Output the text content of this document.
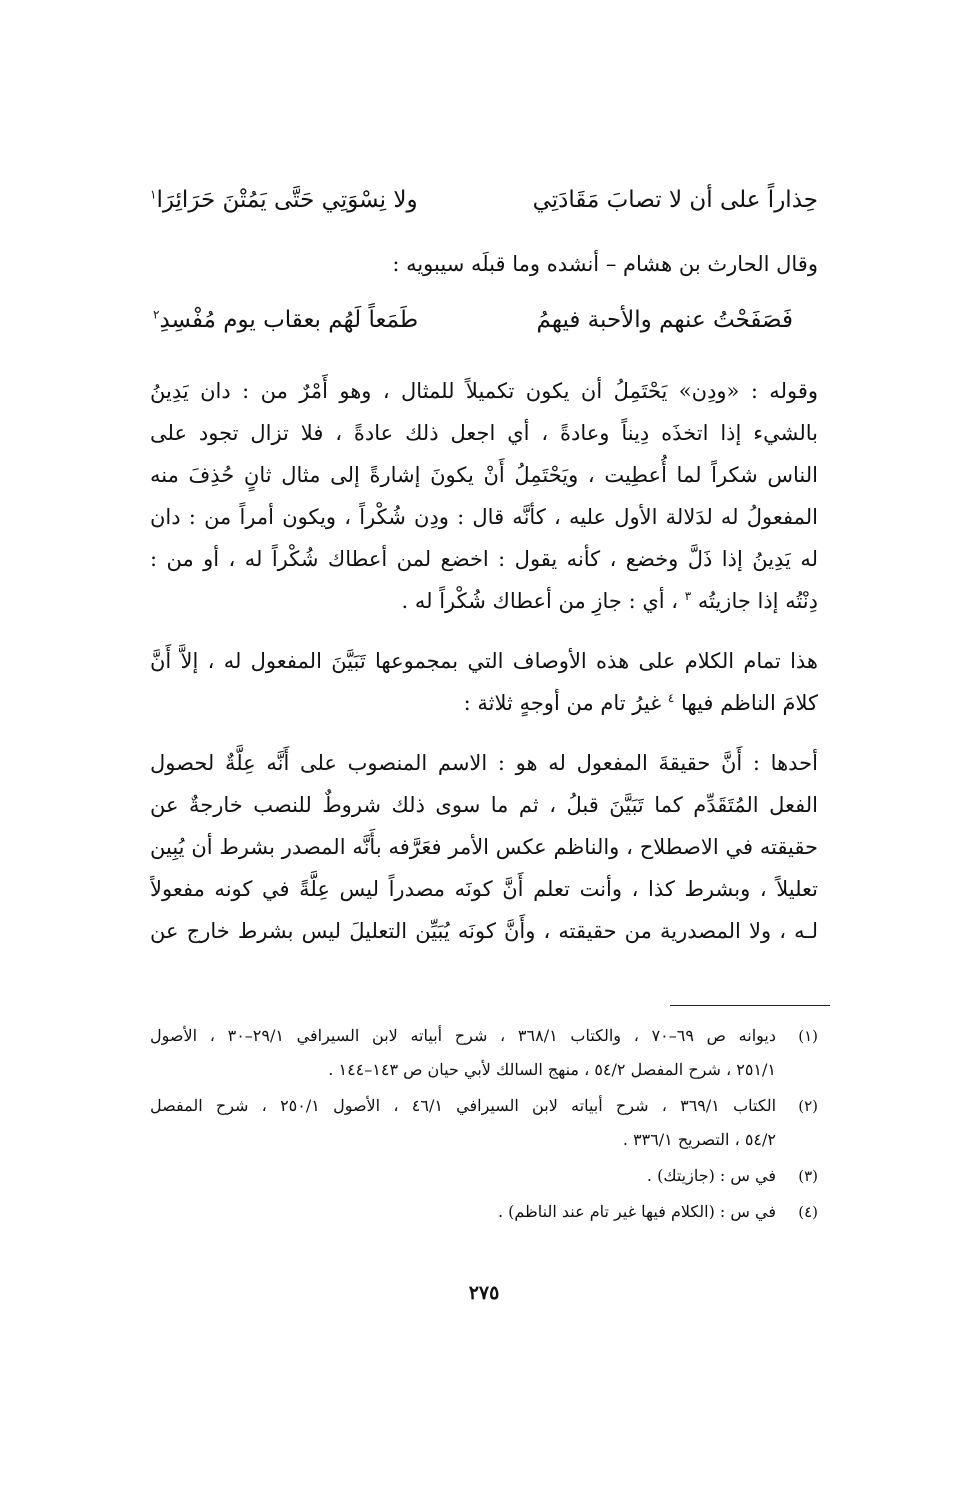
حِذاراً على أن لا تصابَ مَقَادَتِي
ولا نِسْوَتِي حَتَّى يَمُتْنَ حَرَائِرَا$^١$
وقال الحارث بن هشام – أنشده وما قبلَه سيبويه :
فَصَفَحْتُ عنهم والأحبة فيهمُ
طَمَعاً لَهُم بعقاب يوم مُفْسِدِ$^٢$
وقوله : «ودِن» يَحْتَمِلُ أن يكون تكميلاً للمثال ، وهو أَمْرٌ من : دان يَدِينُ
بالشيء إذا اتخذَه دِيناً وعادةً ، أي اجعل ذلك عادةً ، فلا تزال تجود على
الناس شكراً لما أُعطِيت ، ويَحْتَمِلُ أَنْ يكونَ إشارةً إلى مثال ثانٍ حُذِفَ منه
المفعولُ له لدَلالة الأول عليه ، كأنَّه قال : ودِن شُكْراً ، ويكون أمراً من : دان
له يَدِينُ إذا ذَلَّ وخضع ، كأنه يقول : اخضع لمن أعطاك شُكْراً له ، أو من :
دِنْتُه إذا جازيتُه $^٣$ ، أي : جازِ من أعطاك شُكْراً له .
هذا تمام الكلام على هذه الأوصاف التي بمجموعها تَبَيَّنَ المفعول له ، إلاَّ أَنَّ
كلامَ الناظم فيها $^٤$ غيرُ تام من أوجهٍ ثلاثة :
أحدها : أَنَّ حقيقةَ المفعول له هو : الاسم المنصوب على أَنَّه عِلَّةٌ لحصول
الفعل المُتَقَدِّم كما تَبَيَّنَ قبلُ ، ثم ما سوى ذلك شروطٌ للنصب خارجةٌ عن
حقيقته في الاصطلاح ، والناظم عكس الأمر فعَرَّفه بأَنَّه المصدر بشرط أن يُبِين
تعليلاً ، وبشرط كذا ، وأنت تعلم أَنَّ كونَه مصدراً ليس عِلَّةً في كونه مفعولاً
لـه ، ولا المصدرية من حقيقته ، وأَنَّ كونَه يُبَيِّن التعليلَ ليس بشرط خارج عن
(١)
ديوانه ص ٦٩–٧٠ ، والكتاب ٣٦٨/١ ، شرح أبياته لابن السيرافي ٢٩/١–٣٠ ، الأصول
٢٥١/١ ، شرح المفصل ٥٤/٢ ، منهج السالك لأبي حيان ص ١٤٣–١٤٤ .
(٢)
الكتاب ٣٦٩/١ ، شرح أبياته لابن السيرافي ٤٦/١ ، الأصول ٢٥٠/١ ، شرح المفصل
٥٤/٢ ، التصريح ٣٣٦/١ .
(٣)
في س : (جازيتك) .
(٤)
في س : (الكلام فيها غير تام عند الناظم) .
٢٧٥
